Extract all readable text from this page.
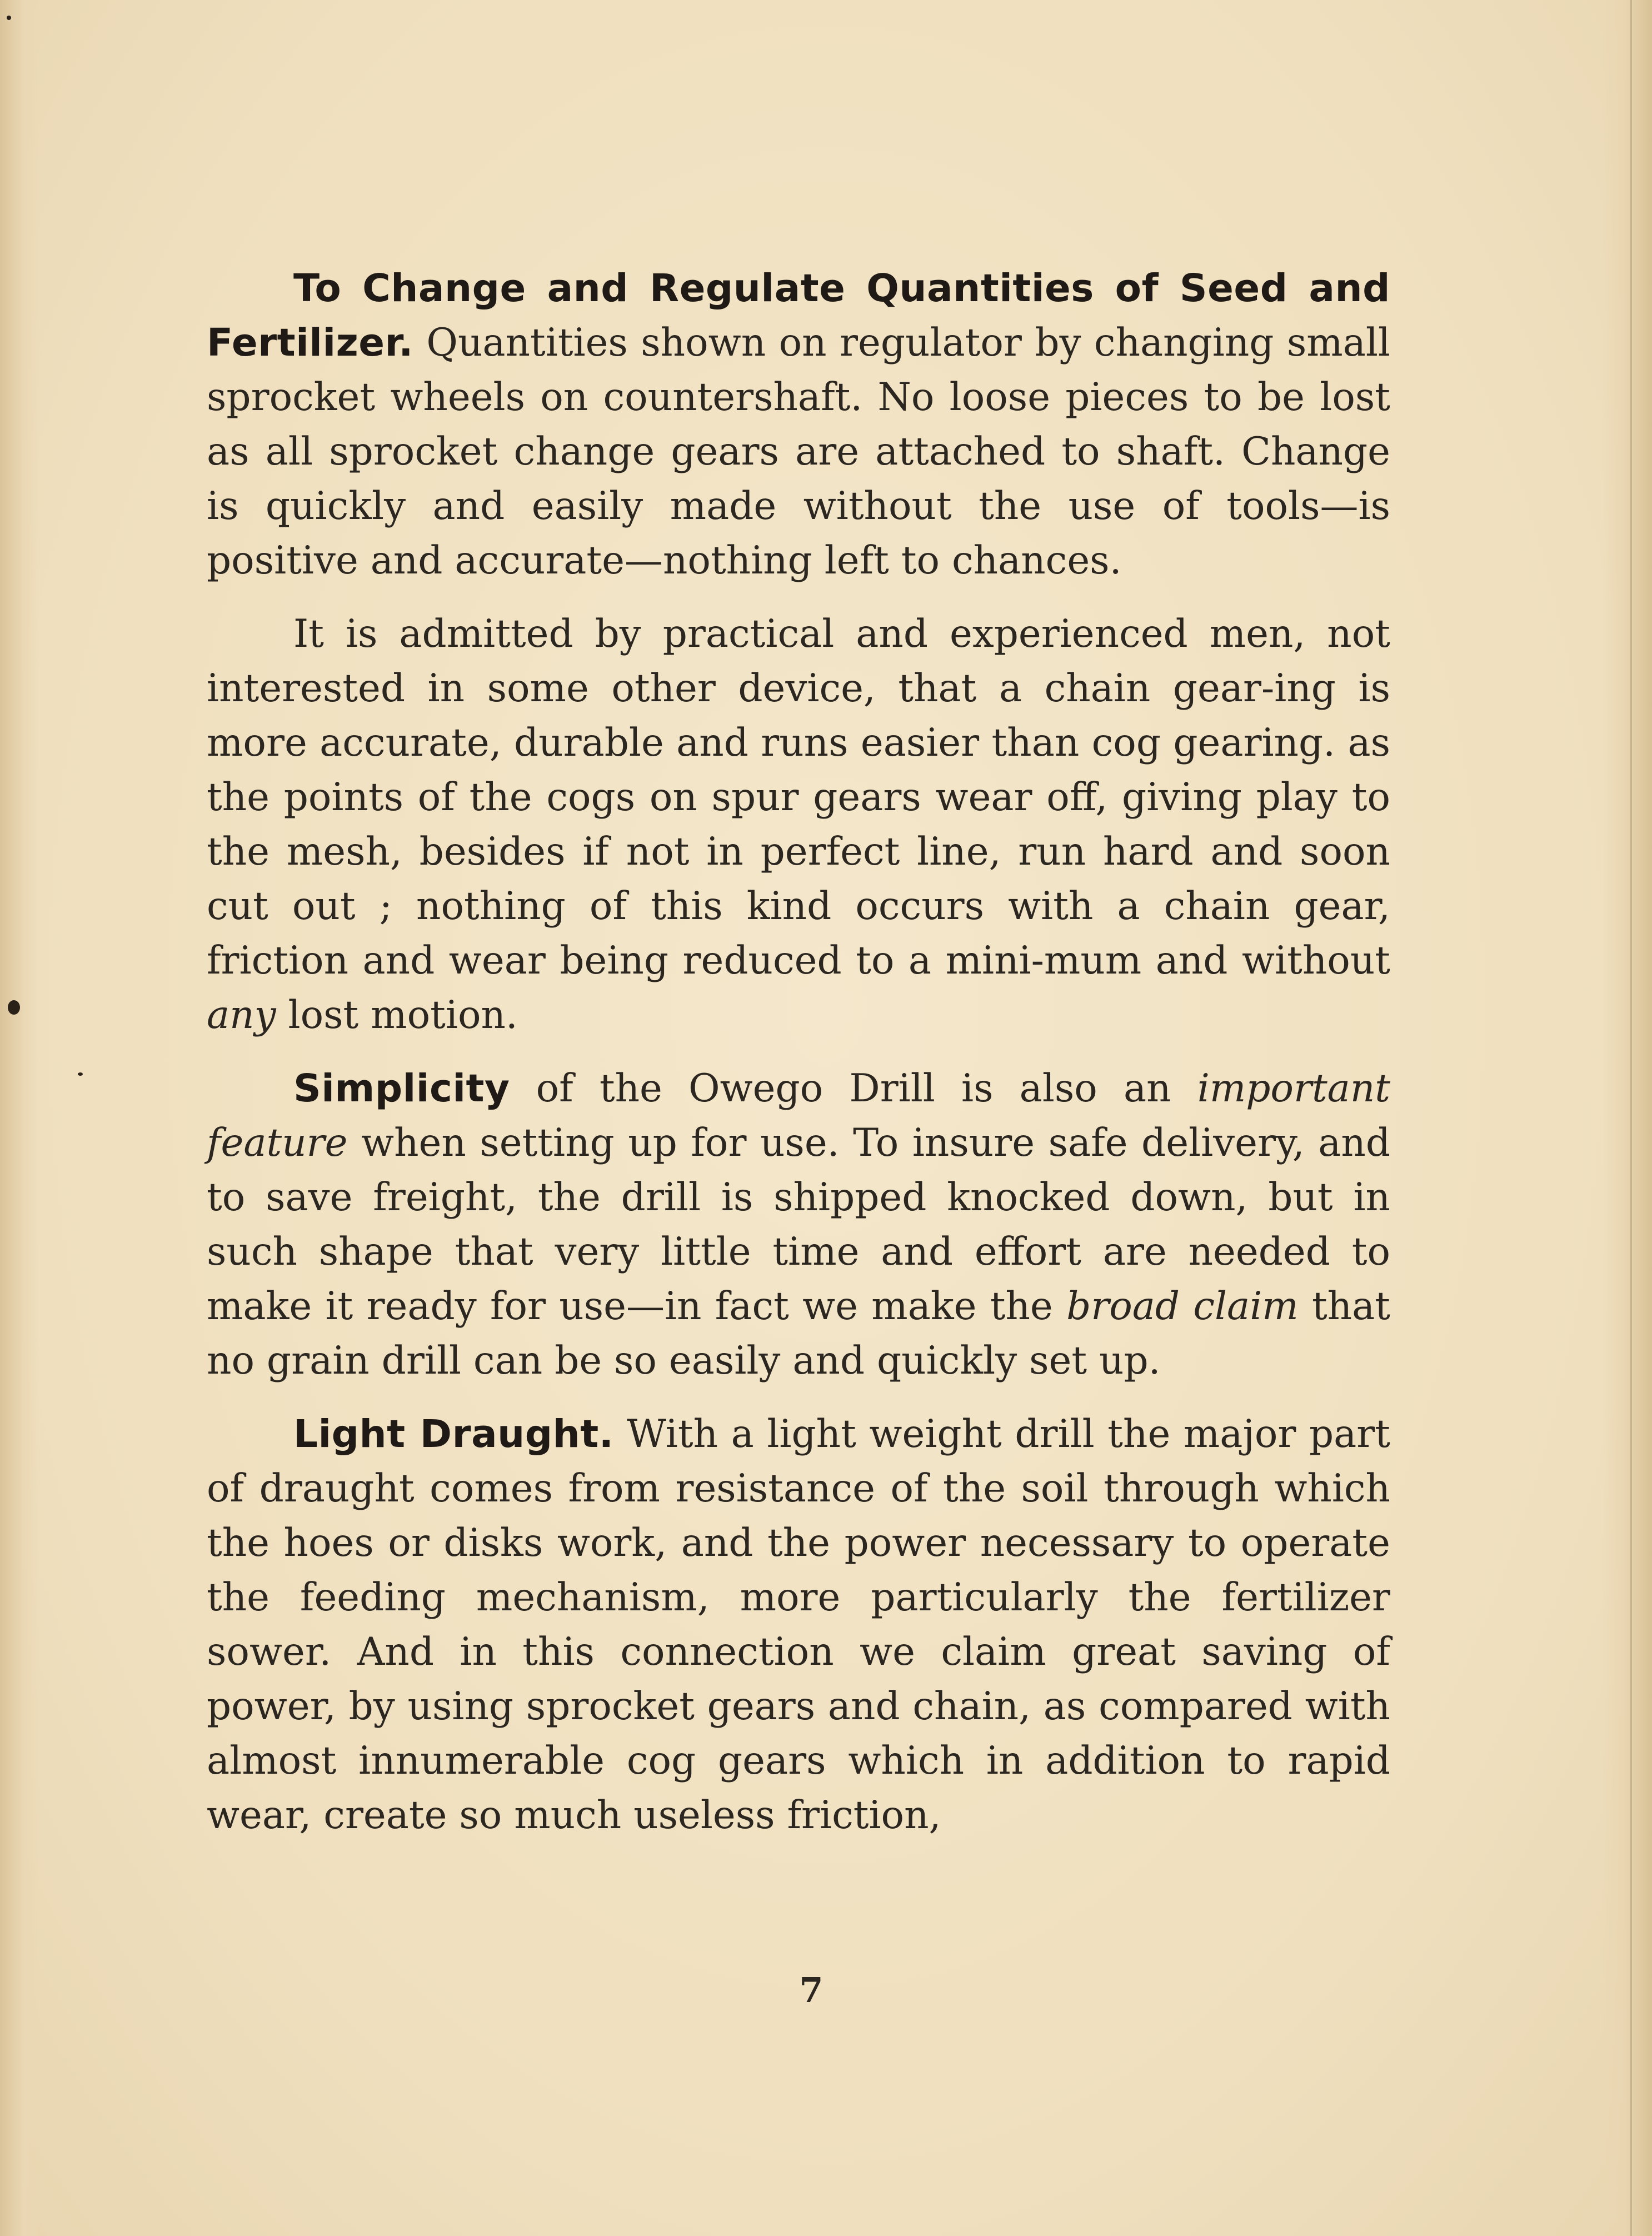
To Change and Regulate Quantities of Seed and Fertilizer. Quantities shown on regulator by changing small sprocket wheels on countershaft. No loose pieces to be lost as all sprocket change gears are attached to shaft. Change is quickly and easily made without the use of tools—is positive and accurate—nothing left to chances.

It is admitted by practical and experienced men, not interested in some other device, that a chain gear-ing is more accurate, durable and runs easier than cog gearing. as the points of the cogs on spur gears wear off, giving play to the mesh, besides if not in perfect line, run hard and soon cut out ; nothing of this kind occurs with a chain gear, friction and wear being reduced to a mini-mum and without any lost motion.

Simplicity of the Owego Drill is also an important feature when setting up for use. To insure safe delivery, and to save freight, the drill is shipped knocked down, but in such shape that very little time and effort are needed to make it ready for use—in fact we make the broad claim that no grain drill can be so easily and quickly set up.

Light Draught. With a light weight drill the major part of draught comes from resistance of the soil through which the hoes or disks work, and the power necessary to operate the feeding mechanism, more particularly the fertilizer sower. And in this connection we claim great saving of power, by using sprocket gears and chain, as compared with almost innumerable cog gears which in addition to rapid wear, create so much useless friction,

7
